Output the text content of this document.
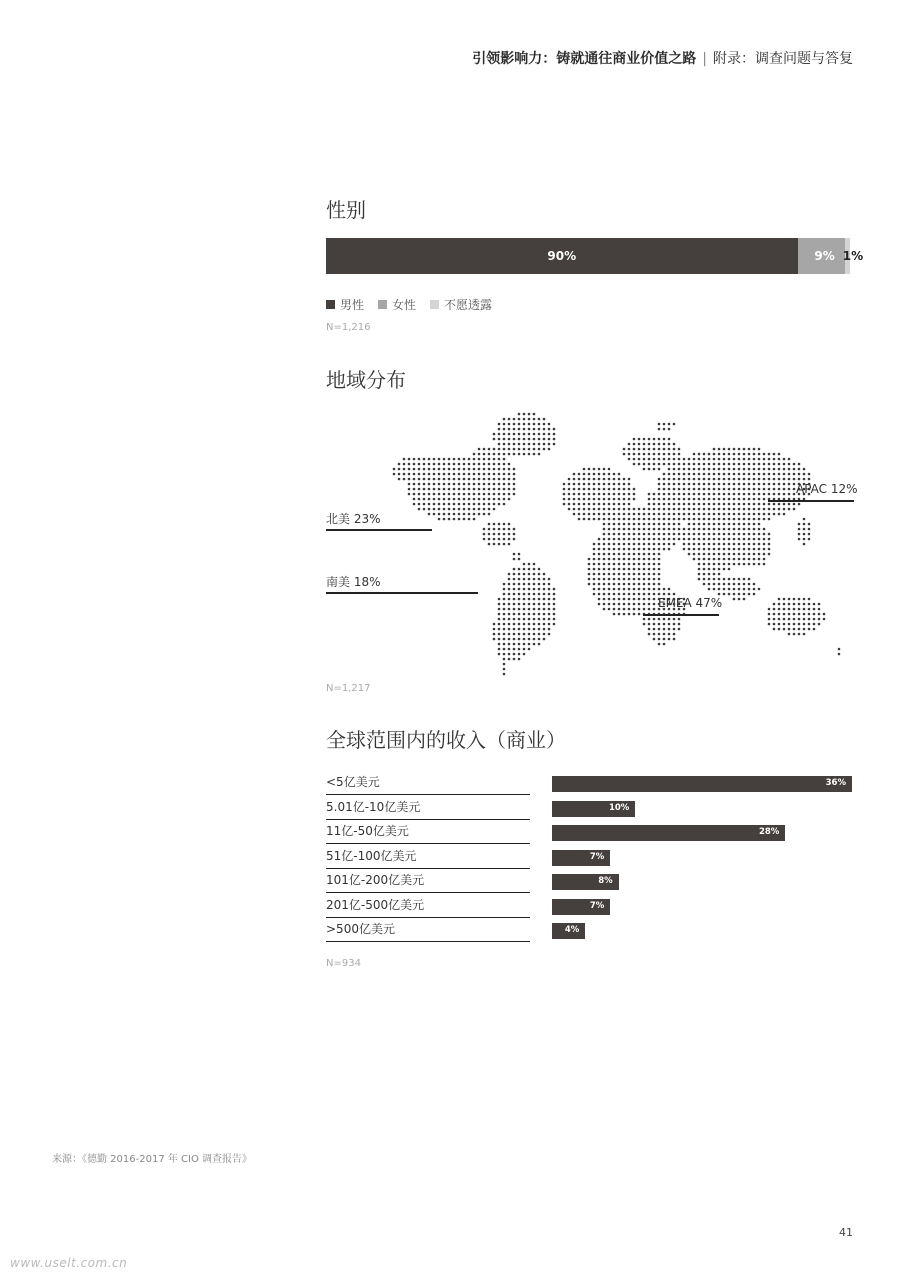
引领影响力：铸就通往商业价值之路 | 附录：调查问题与答复
性别
90%	9% 1%
男性 女性 不愿透露
N=1,216
地域分布
北美 23%
南美 18%
APAC 12%
EMEA 47%
N=1,217
全球范围内的收入（商业）
<5亿美元	36%
5.01亿-10亿美元	10%
11亿-50亿美元	28%
51亿-100亿美元	7%
101亿-200亿美元	8%
201亿-500亿美元	7%
>500亿美元	4%
N=934
来源：《德勤 2016-2017 年 CIO 调查报告》
41
www.uselt.com.cn
